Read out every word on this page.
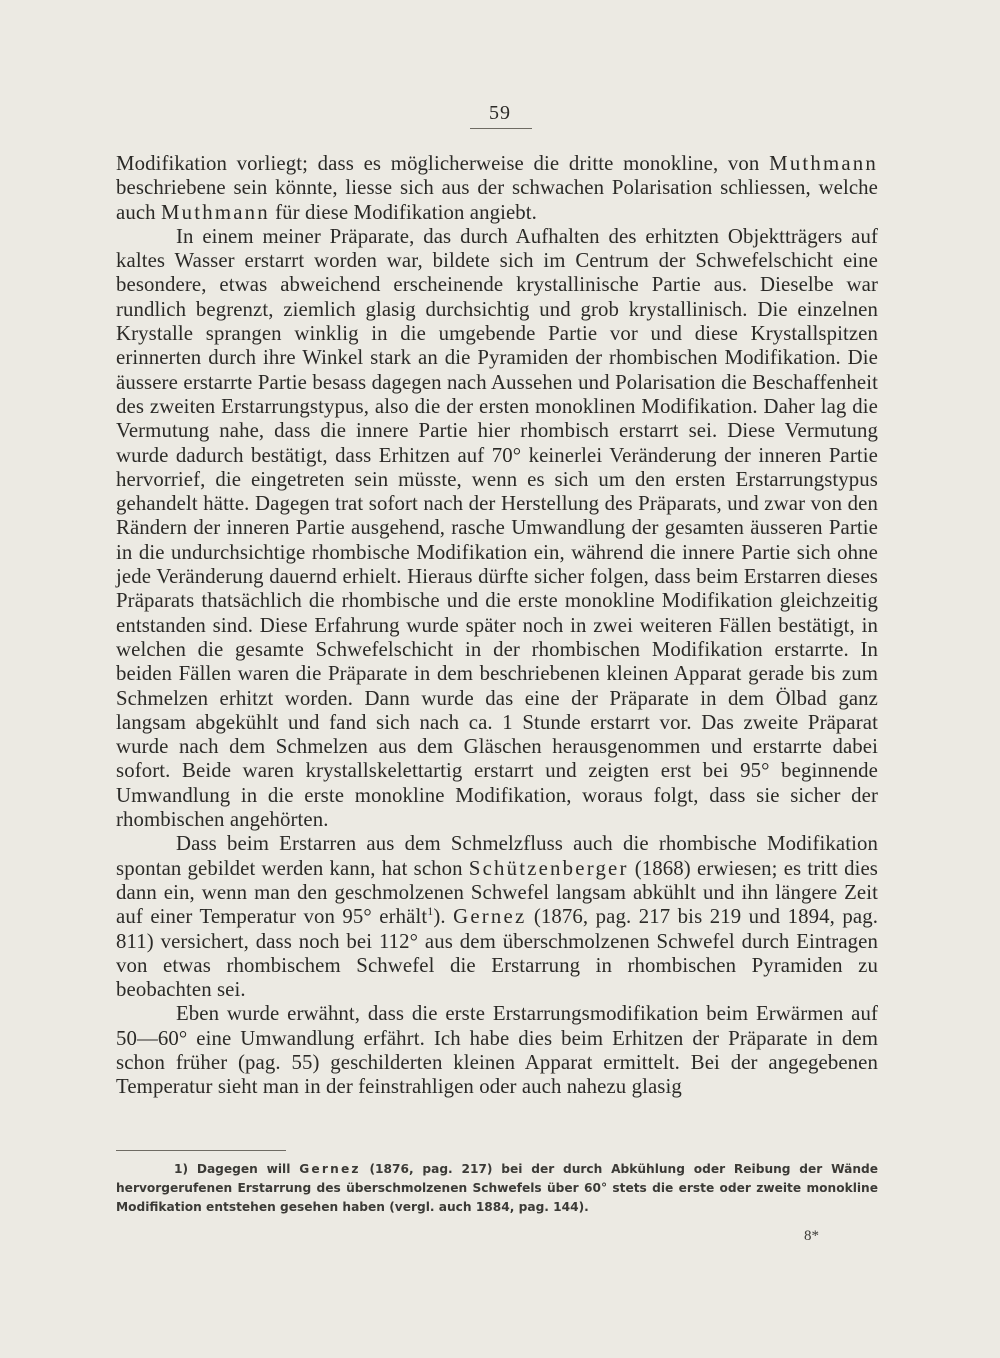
59

Modifikation vorliegt; dass es möglicherweise die dritte monokline, von Muthmann beschriebene sein könnte, liesse sich aus der schwachen Polarisation schliessen, welche auch Muthmann für diese Modifikation angiebt.

In einem meiner Präparate, das durch Aufhalten des erhitzten Objektträgers auf kaltes Wasser erstarrt worden war, bildete sich im Centrum der Schwefelschicht eine besondere, etwas abweichend erscheinende krystallinische Partie aus. Dieselbe war rundlich begrenzt, ziemlich glasig durchsichtig und grob krystallinisch. Die einzelnen Krystalle sprangen winklig in die umgebende Partie vor und diese Krystallspitzen erinnerten durch ihre Winkel stark an die Pyramiden der rhombischen Modifikation. Die äussere erstarrte Partie besass dagegen nach Aussehen und Polarisation die Beschaffenheit des zweiten Erstarrungstypus, also die der ersten monoklinen Modifikation. Daher lag die Vermutung nahe, dass die innere Partie hier rhombisch erstarrt sei. Diese Vermutung wurde dadurch bestätigt, dass Erhitzen auf 70° keinerlei Veränderung der inneren Partie hervorrief, die eingetreten sein müsste, wenn es sich um den ersten Erstarrungstypus gehandelt hätte. Dagegen trat sofort nach der Herstellung des Präparats, und zwar von den Rändern der inneren Partie ausgehend, rasche Umwandlung der gesamten äusseren Partie in die undurchsichtige rhombische Modifikation ein, während die innere Partie sich ohne jede Veränderung dauernd erhielt. Hieraus dürfte sicher folgen, dass beim Erstarren dieses Präparats thatsächlich die rhombische und die erste monokline Modifikation gleichzeitig entstanden sind. Diese Erfahrung wurde später noch in zwei weiteren Fällen bestätigt, in welchen die gesamte Schwefelschicht in der rhombischen Modifikation erstarrte. In beiden Fällen waren die Präparate in dem beschriebenen kleinen Apparat gerade bis zum Schmelzen erhitzt worden. Dann wurde das eine der Präparate in dem Ölbad ganz langsam abgekühlt und fand sich nach ca. 1 Stunde erstarrt vor. Das zweite Präparat wurde nach dem Schmelzen aus dem Gläschen herausgenommen und erstarrte dabei sofort. Beide waren krystallskelettartig erstarrt und zeigten erst bei 95° beginnende Umwandlung in die erste monokline Modifikation, woraus folgt, dass sie sicher der rhombischen angehörten.

Dass beim Erstarren aus dem Schmelzfluss auch die rhombische Modifikation spontan gebildet werden kann, hat schon Schützenberger (1868) erwiesen; es tritt dies dann ein, wenn man den geschmolzenen Schwefel langsam abkühlt und ihn längere Zeit auf einer Temperatur von 95° erhält$^1$). Gernez (1876, pag. 217 bis 219 und 1894, pag. 811) versichert, dass noch bei 112° aus dem überschmolzenen Schwefel durch Eintragen von etwas rhombischem Schwefel die Erstarrung in rhombischen Pyramiden zu beobachten sei.

Eben wurde erwähnt, dass die erste Erstarrungsmodifikation beim Erwärmen auf 50—60° eine Umwandlung erfährt. Ich habe dies beim Erhitzen der Präparate in dem schon früher (pag. 55) geschilderten kleinen Apparat ermittelt. Bei der angegebenen Temperatur sieht man in der feinstrahligen oder auch nahezu glasig

1) Dagegen will Gernez (1876, pag. 217) bei der durch Abkühlung oder Reibung der Wände hervorgerufenen Erstarrung des überschmolzenen Schwefels über 60° stets die erste oder zweite monokline Modifikation entstehen gesehen haben (vergl. auch 1884, pag. 144).
8*
